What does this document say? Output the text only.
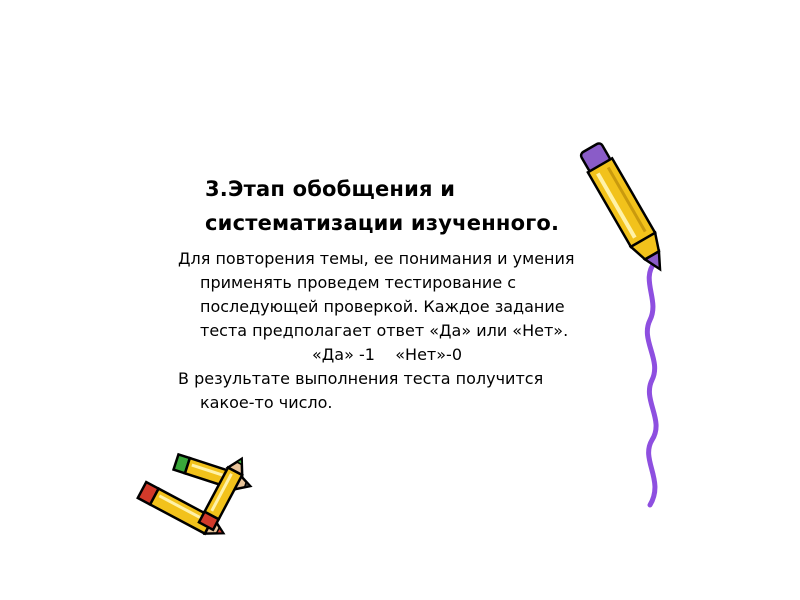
3.Этап обобщения и
систематизации изученного.

Для повторения темы, ее понимания и умения применять проведем тестирование с последующей проверкой. Каждое задание теста предполагает ответ «Да» или «Нет».

«Да» -1    «Нет»-0

В результате выполнения теста получится какое-то число.
